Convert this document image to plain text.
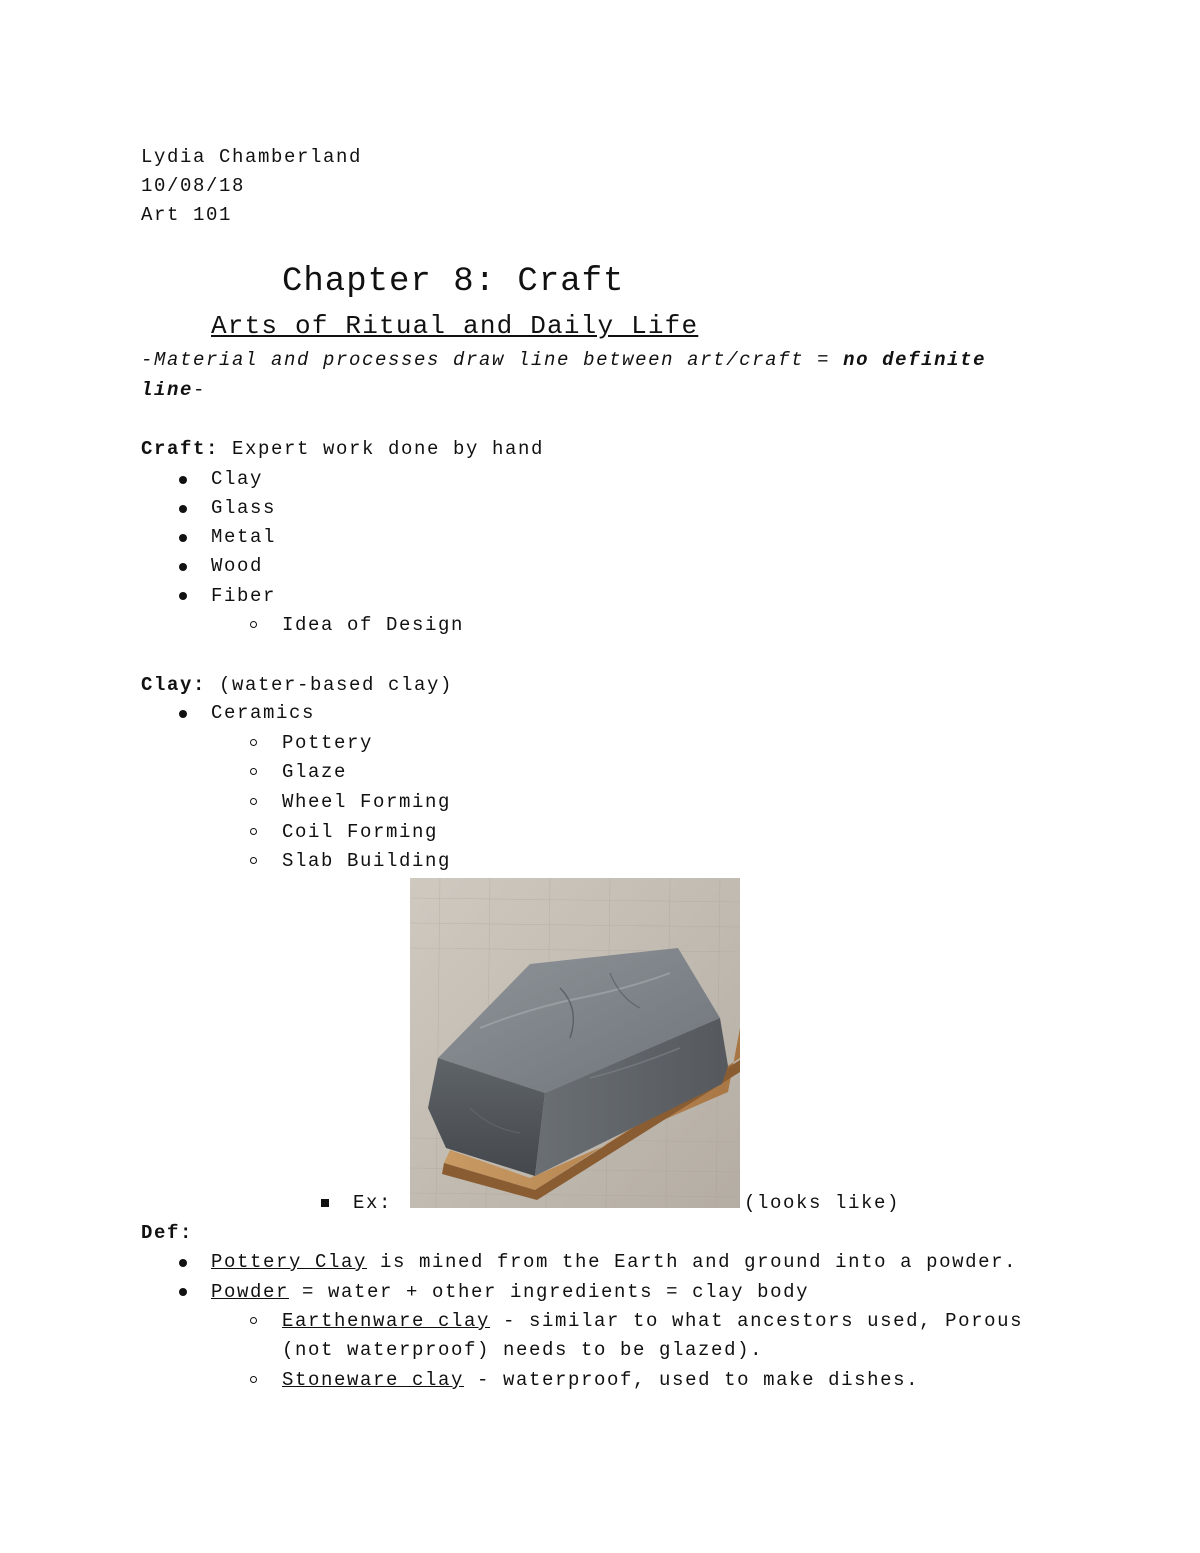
Lydia Chamberland
10/08/18
Art 101
Chapter 8: Craft
Arts of Ritual and Daily Life
-Material and processes draw line between art/craft = no definite
line-
Craft: Expert work done by hand
Clay
Glass
Metal
Wood
Fiber
Idea of Design
Clay: (water-based clay)
Ceramics
Pottery
Glaze
Wheel Forming
Coil Forming
Slab Building
Ex:	(looks like)
Def:
Pottery Clay is mined from the Earth and ground into a powder.
Powder = water + other ingredients = clay body
Earthenware clay - similar to what ancestors used, Porous
(not waterproof) needs to be glazed).
Stoneware clay - waterproof, used to make dishes.
